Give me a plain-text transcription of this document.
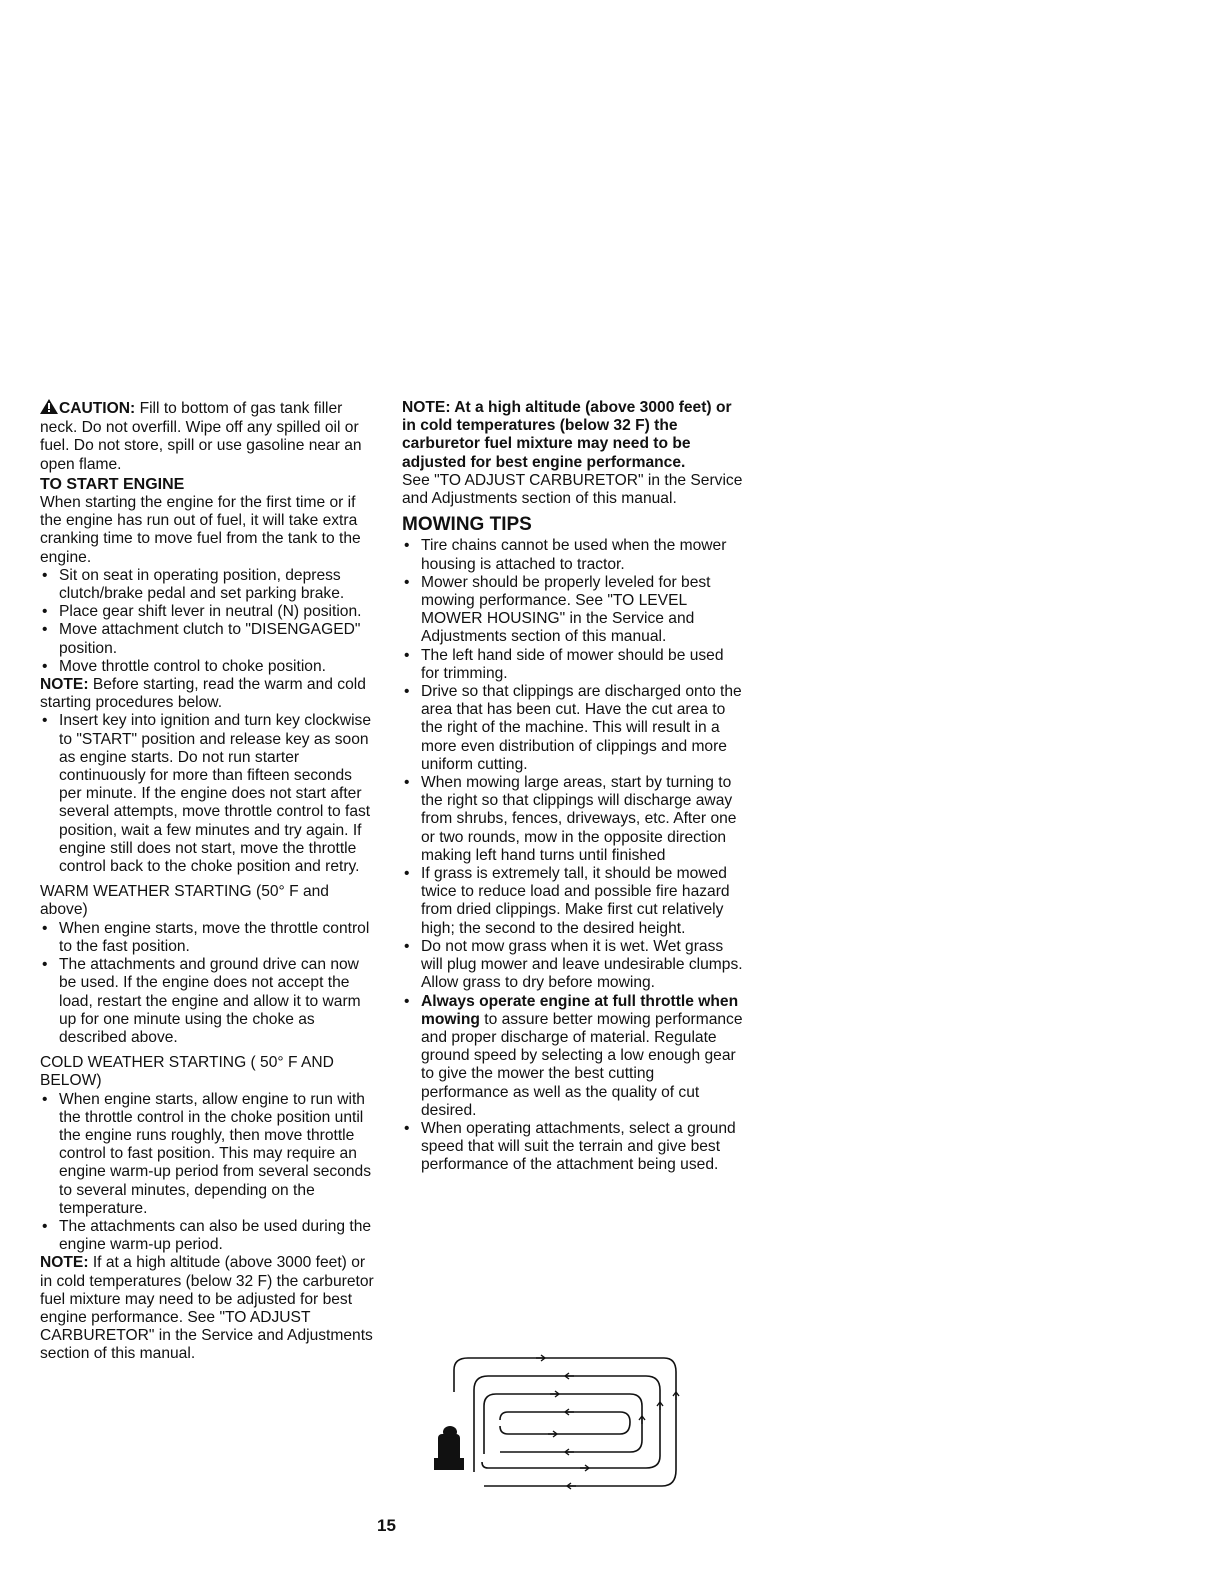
CAUTION: Fill to bottom of gas tank filler neck. Do not overfill. Wipe off any spilled oil or fuel. Do not store, spill or use gasoline near an open flame.

TO START ENGINE

When starting the engine for the first time or if the engine has run out of fuel, it will take extra cranking time to move fuel from the tank to the engine.

• Sit on seat in operating position, depress clutch/brake pedal and set parking brake.
• Place gear shift lever in neutral (N) position.
• Move attachment clutch to "DISENGAGED" position.
• Move throttle control to choke position.

NOTE: Before starting, read the warm and cold starting procedures below.

• Insert key into ignition and turn key clockwise to "START" position and release key as soon as engine starts. Do not run starter continuously for more than fifteen seconds per minute. If the engine does not start after several attempts, move throttle control to fast position, wait a few minutes and try again. If engine still does not start, move the throttle control back to the choke position and retry.

WARM WEATHER STARTING (50° F and above)

• When engine starts, move the throttle control to the fast position.
• The attachments and ground drive can now be used. If the engine does not accept the load, restart the engine and allow it to warm up for one minute using the choke as described above.

COLD WEATHER STARTING ( 50° F AND BELOW)

• When engine starts, allow engine to run with the throttle control in the choke position until the engine runs roughly, then move throttle control to fast position. This may require an engine warm-up period from several seconds to several minutes, depending on the temperature.
• The attachments can also be used during the engine warm-up period.

NOTE: If at a high altitude (above 3000 feet) or in cold temperatures (below 32 F) the carburetor fuel mixture may need to be adjusted for best engine performance. See "TO ADJUST CARBURETOR" in the Service and Adjustments section of this manual.

NOTE: At a high altitude (above 3000 feet) or in cold temperatures (below 32 F) the carburetor fuel mixture may need to be adjusted for best engine performance.

See "TO ADJUST CARBURETOR" in the Service and Adjustments section of this manual.

MOWING TIPS

• Tire chains cannot be used when the mower housing is attached to tractor.
• Mower should be properly leveled for best mowing performance. See "TO LEVEL MOWER HOUSING" in the Service and Adjustments section of this manual.
• The left hand side of mower should be used for trimming.
• Drive so that clippings are discharged onto the area that has been cut. Have the cut area to the right of the machine. This will result in a more even distribution of clippings and more uniform cutting.
• When mowing large areas, start by turning to the right so that clippings will discharge away from shrubs, fences, driveways, etc. After one or two rounds, mow in the opposite direction making left hand turns until finished
• If grass is extremely tall, it should be mowed twice to reduce load and possible fire hazard from dried clippings. Make first cut relatively high; the second to the desired height.
• Do not mow grass when it is wet. Wet grass will plug mower and leave undesirable clumps. Allow grass to dry before mowing.
• Always operate engine at full throttle when mowing to assure better mowing performance and proper discharge of material. Regulate ground speed by selecting a low enough gear to give the mower the best cutting performance as well as the quality of cut desired.
• When operating attachments, select a ground speed that will suit the terrain and give best performance of the attachment being used.
15
